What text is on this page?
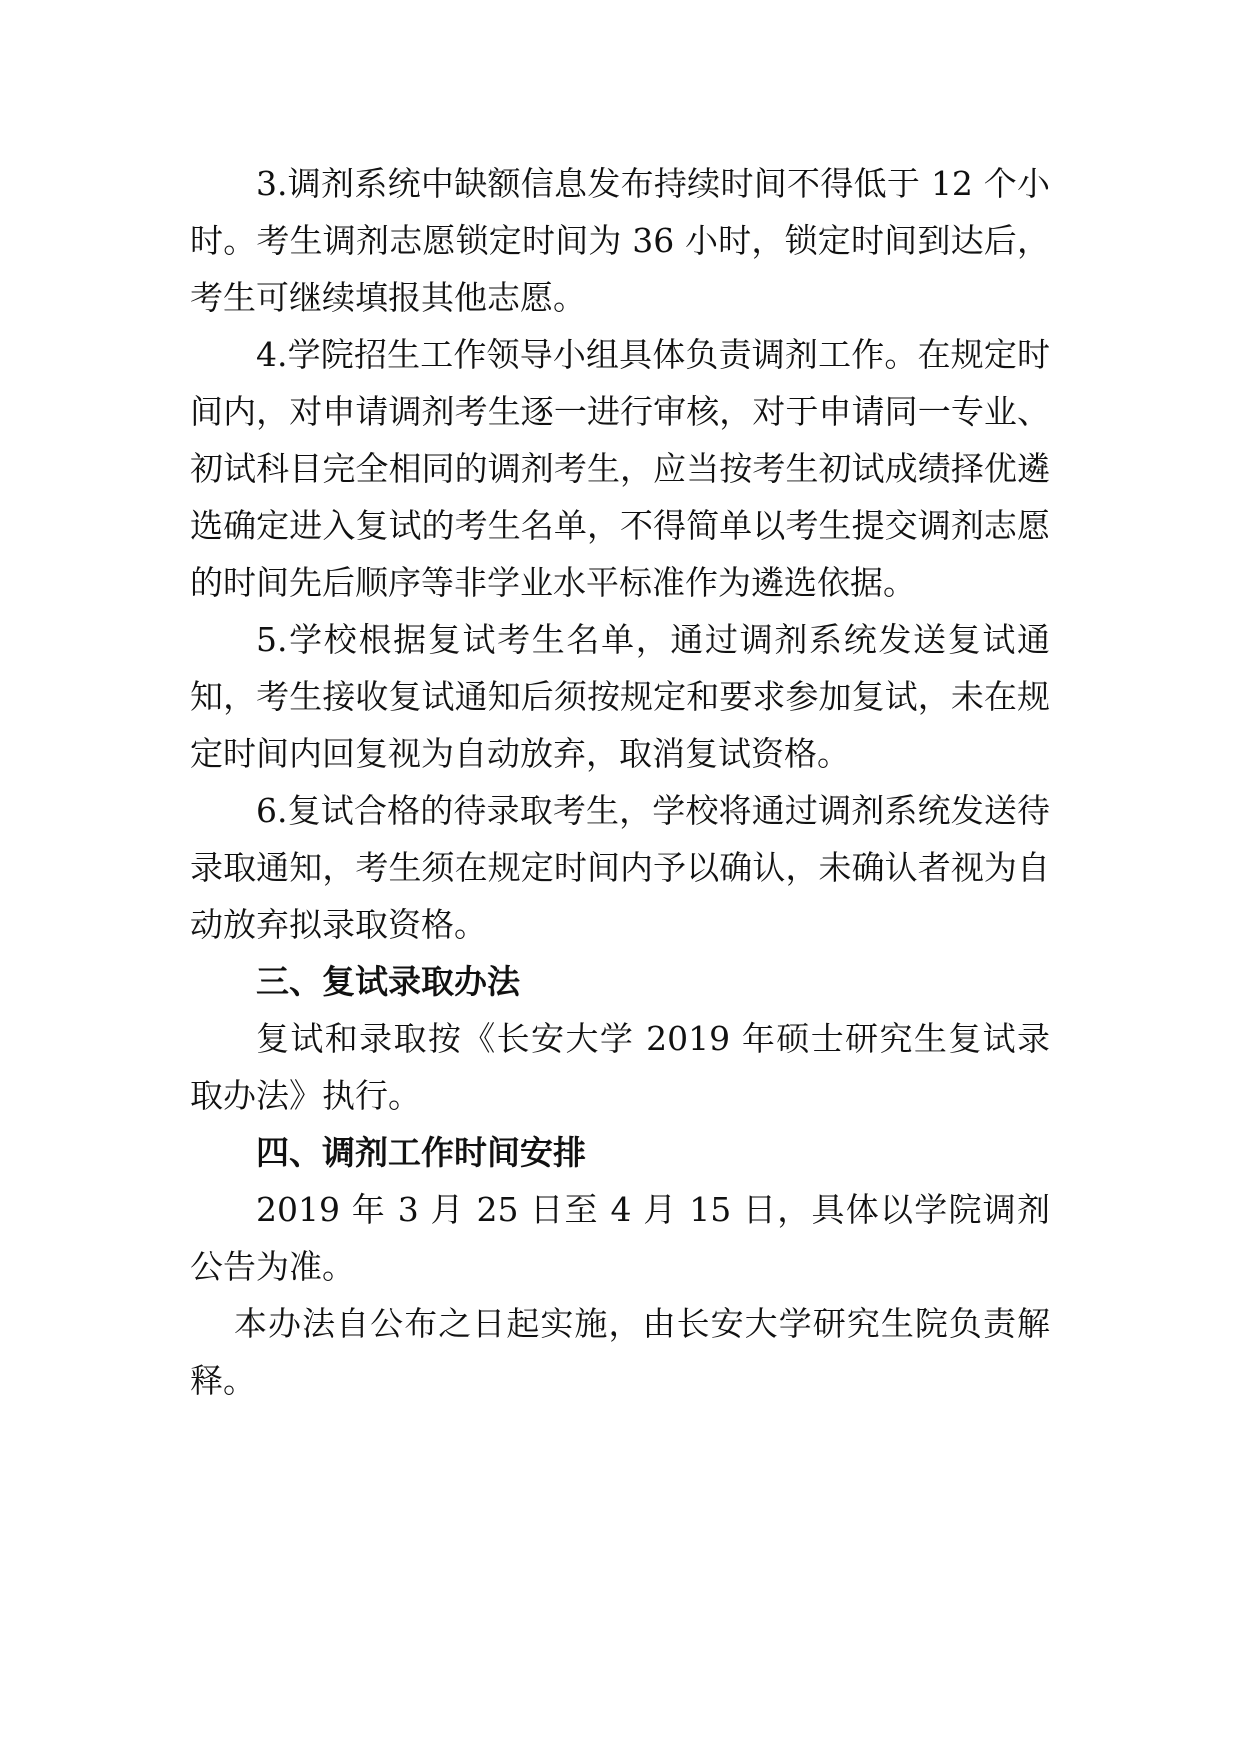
3.调剂系统中缺额信息发布持续时间不得低于 12 个小时。考生调剂志愿锁定时间为 36 小时，锁定时间到达后，考生可继续填报其他志愿。

4.学院招生工作领导小组具体负责调剂工作。在规定时间内，对申请调剂考生逐一进行审核，对于申请同一专业、初试科目完全相同的调剂考生，应当按考生初试成绩择优遴选确定进入复试的考生名单，不得简单以考生提交调剂志愿的时间先后顺序等非学业水平标准作为遴选依据。

5.学校根据复试考生名单，通过调剂系统发送复试通知，考生接收复试通知后须按规定和要求参加复试，未在规定时间内回复视为自动放弃，取消复试资格。

6.复试合格的待录取考生，学校将通过调剂系统发送待录取通知，考生须在规定时间内予以确认，未确认者视为自动放弃拟录取资格。

三、复试录取办法

复试和录取按《长安大学 2019 年硕士研究生复试录取办法》执行。

四、调剂工作时间安排

2019 年 3 月 25 日至 4 月 15 日，具体以学院调剂公告为准。

本办法自公布之日起实施，由长安大学研究生院负责解释。
